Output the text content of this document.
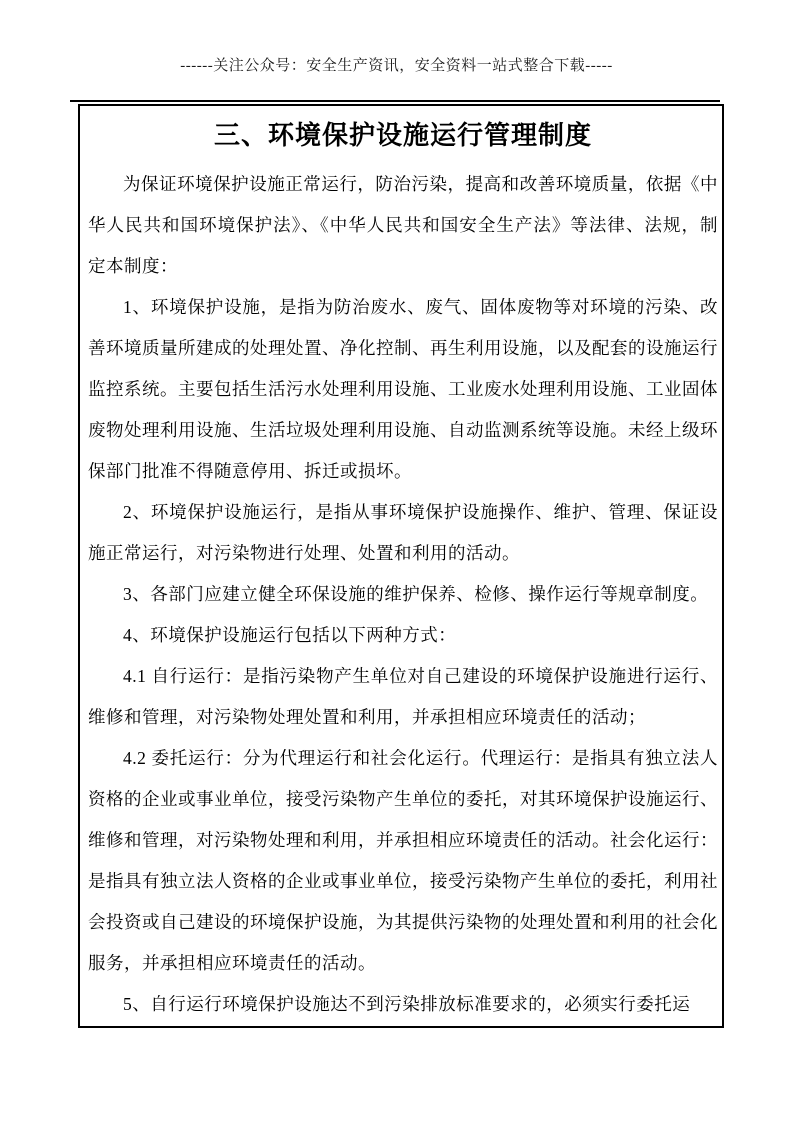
------关注公众号：安全生产资讯，安全资料一站式整合下载-----
三、环境保护设施运行管理制度

为保证环境保护设施正常运行，防治污染，提高和改善环境质量，依据《中华人民共和国环境保护法》、《中华人民共和国安全生产法》等法律、法规，制定本制度：

1、环境保护设施，是指为防治废水、废气、固体废物等对环境的污染、改善环境质量所建成的处理处置、净化控制、再生利用设施，以及配套的设施运行监控系统。主要包括生活污水处理利用设施、工业废水处理利用设施、工业固体废物处理利用设施、生活垃圾处理利用设施、自动监测系统等设施。未经上级环保部门批准不得随意停用、拆迁或损坏。

2、环境保护设施运行，是指从事环境保护设施操作、维护、管理、保证设施正常运行，对污染物进行处理、处置和利用的活动。

3、各部门应建立健全环保设施的维护保养、检修、操作运行等规章制度。

4、环境保护设施运行包括以下两种方式：

4.1 自行运行：是指污染物产生单位对自己建设的环境保护设施进行运行、维修和管理，对污染物处理处置和利用，并承担相应环境责任的活动；

4.2 委托运行：分为代理运行和社会化运行。代理运行：是指具有独立法人资格的企业或事业单位，接受污染物产生单位的委托，对其环境保护设施运行、维修和管理，对污染物处理和利用，并承担相应环境责任的活动。社会化运行：是指具有独立法人资格的企业或事业单位，接受污染物产生单位的委托，利用社会投资或自己建设的环境保护设施，为其提供污染物的处理处置和利用的社会化服务，并承担相应环境责任的活动。

5、自行运行环境保护设施达不到污染排放标准要求的，必须实行委托运
